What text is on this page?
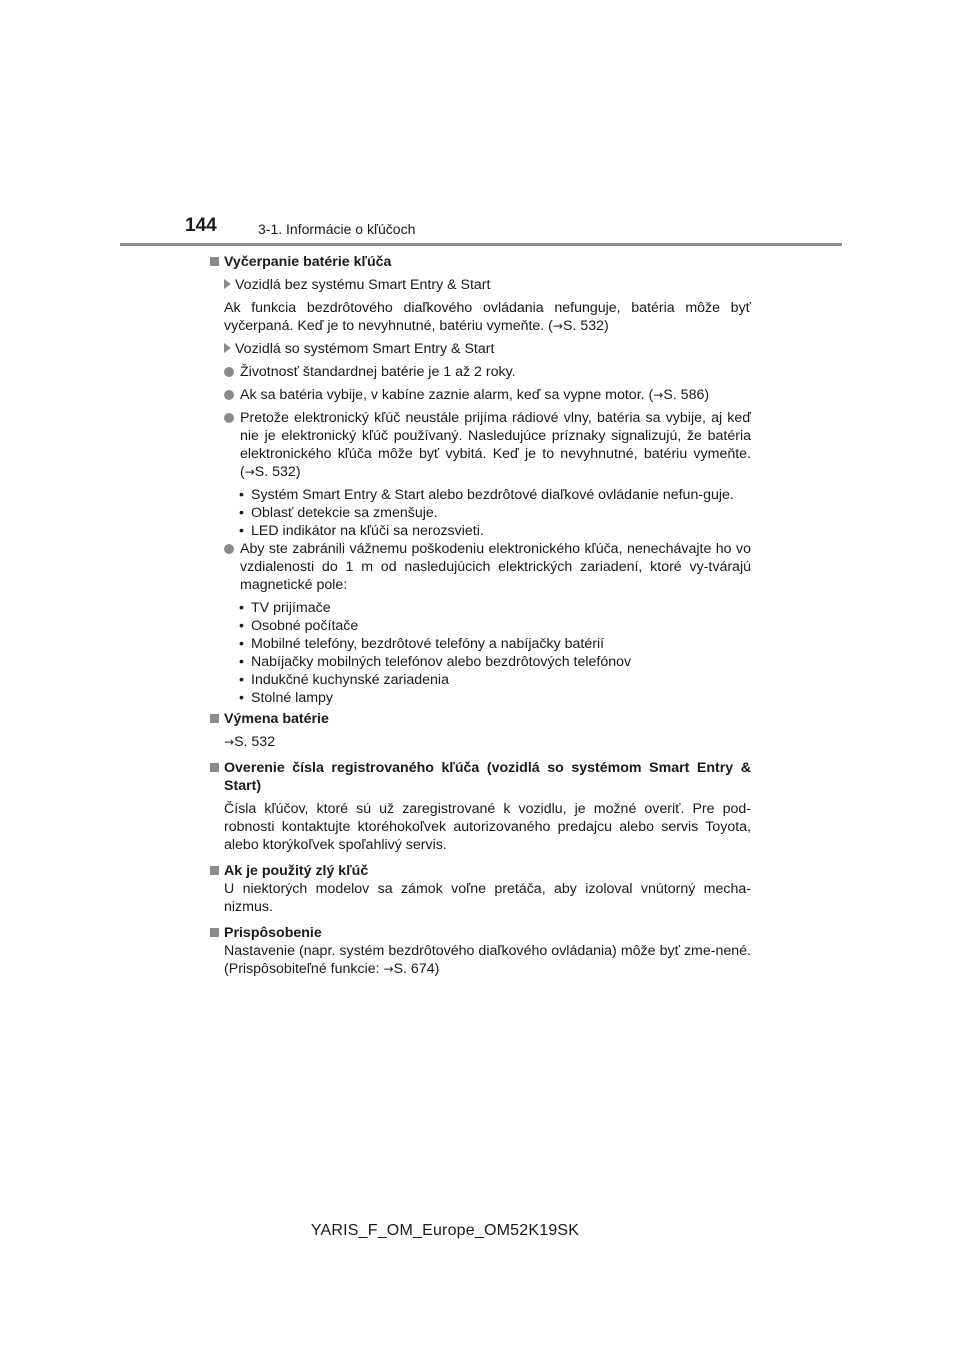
144	3-1. Informácie o kľúčoch
Vyčerpanie batérie kľúča
Vozidlá bez systému Smart Entry & Start
Ak funkcia bezdrôtového diaľkového ovládania nefunguje, batéria môže byť vyčerpaná. Keď je to nevyhnutné, batériu vymeňte. (→S. 532)
Vozidlá so systémom Smart Entry & Start
Životnosť štandardnej batérie je 1 až 2 roky.
Ak sa batéria vybije, v kabíne zaznie alarm, keď sa vypne motor. (→S. 586)
Pretože elektronický kľúč neustále prijíma rádiové vlny, batéria sa vybije, aj keď nie je elektronický kľúč používaný. Nasledujúce príznaky signalizujú, že batéria elektronického kľúča môže byť vybitá. Keď je to nevyhnutné, batériu vymeňte. (→S. 532)
• Systém Smart Entry & Start alebo bezdrôtové diaľkové ovládanie nefun-guje.
• Oblasť detekcie sa zmenšuje.
• LED indikátor na kľúči sa nerozsvieti.
Aby ste zabránili vážnemu poškodeniu elektronického kľúča, nenechávajte ho vo vzdialenosti do 1 m od nasledujúcich elektrických zariadení, ktoré vy-tvárajú magnetické pole:
• TV prijímače
• Osobné počítače
• Mobilné telefóny, bezdrôtové telefóny a nabíjačky batérií
• Nabíjačky mobilných telefónov alebo bezdrôtových telefónov
• Indukčné kuchynské zariadenia
• Stolné lampy
Výmena batérie
→S. 532
Overenie čísla registrovaného kľúča (vozidlá so systémom Smart Entry & Start)
Čísla kľúčov, ktoré sú už zaregistrované k vozidlu, je možné overiť. Pre pod-robnosti kontaktujte ktoréhokoľvek autorizovaného predajcu alebo servis Toyota, alebo ktorýkoľvek spoľahlivý servis.
Ak je použitý zlý kľúč
U niektorých modelov sa zámok voľne pretáča, aby izoloval vnútorný mecha-nizmus.
Prispôsobenie
Nastavenie (napr. systém bezdrôtového diaľkového ovládania) môže byť zme-nené. (Prispôsobiteľné funkcie: →S. 674)
YARIS_F_OM_Europe_OM52K19SK
